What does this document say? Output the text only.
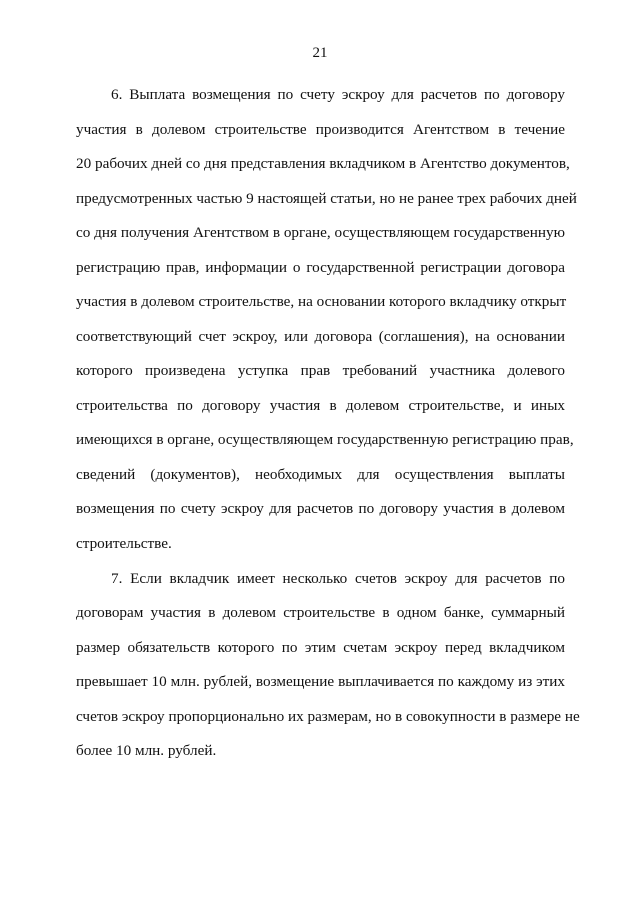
21
6. Выплата возмещения по счету эскроу для расчетов по договору
участия в долевом строительстве производится Агентством в течение
20 рабочих дней со дня представления вкладчиком в Агентство документов,
предусмотренных частью 9 настоящей статьи, но не ранее трех рабочих дней
со дня получения Агентством в органе, осуществляющем государственную
регистрацию прав, информации о государственной регистрации договора
участия в долевом строительстве, на основании которого вкладчику открыт
соответствующий счет эскроу, или договора (соглашения), на основании
которого произведена уступка прав требований участника долевого
строительства по договору участия в долевом строительстве, и иных
имеющихся в органе, осуществляющем государственную регистрацию прав,
сведений (документов), необходимых для осуществления выплаты
возмещения по счету эскроу для расчетов по договору участия в долевом
строительстве.
7. Если вкладчик имеет несколько счетов эскроу для расчетов по
договорам участия в долевом строительстве в одном банке, суммарный
размер обязательств которого по этим счетам эскроу перед вкладчиком
превышает 10 млн. рублей, возмещение выплачивается по каждому из этих
счетов эскроу пропорционально их размерам, но в совокупности в размере не
более 10 млн. рублей.
